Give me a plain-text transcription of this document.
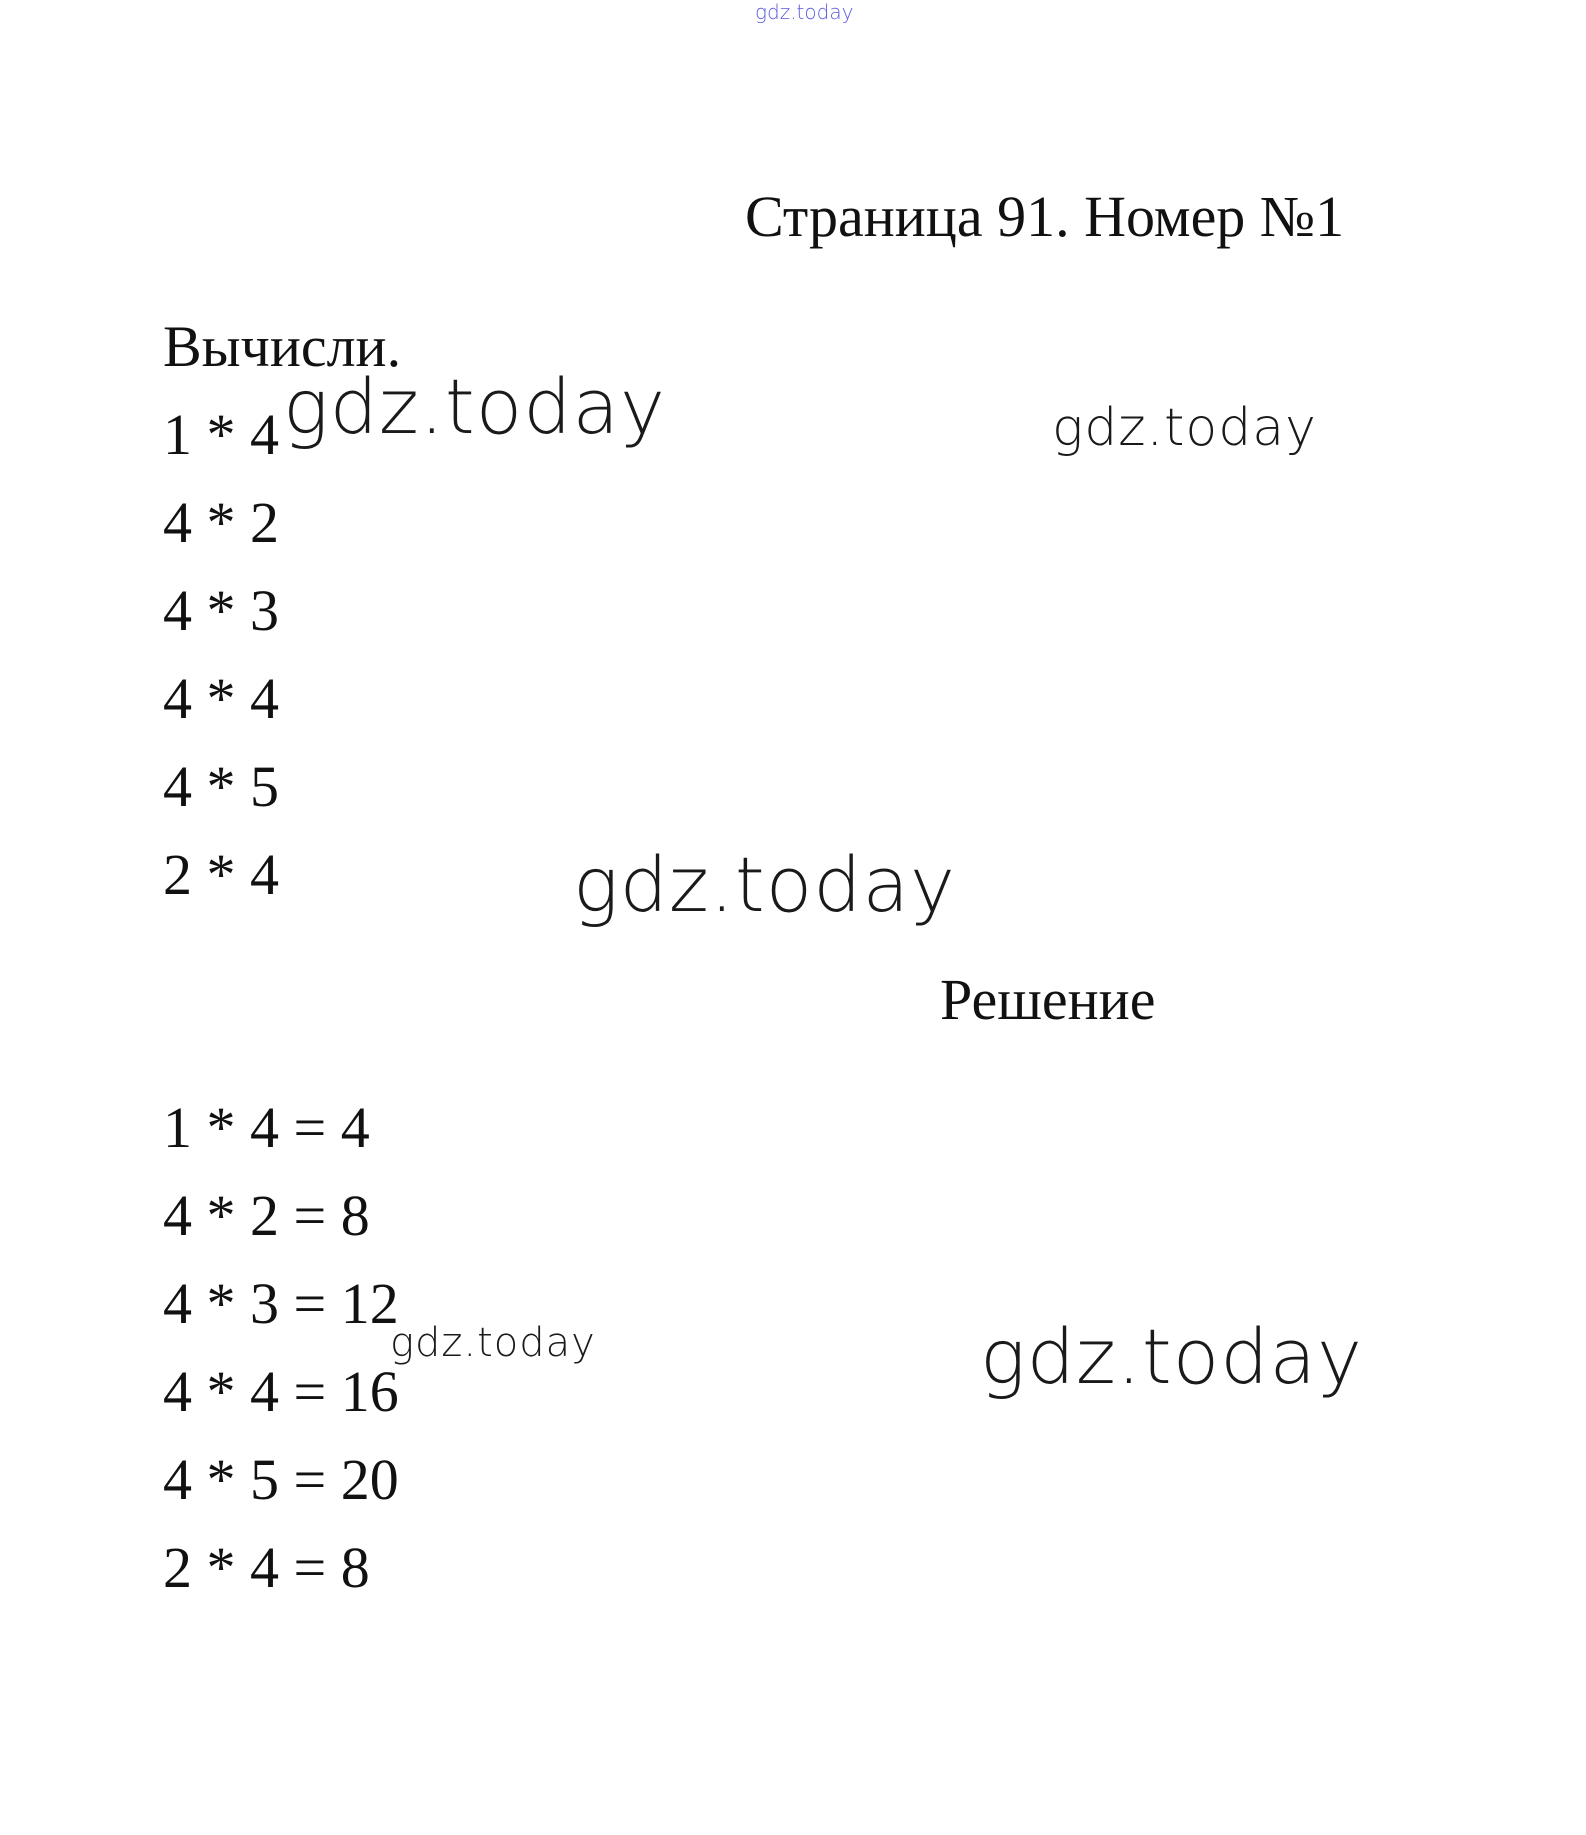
gdz.today
Страница 91. Номер №1
Вычисли.
1 * 4
4 * 2
4 * 3
4 * 4
4 * 5
2 * 4
Решение
1 * 4 = 4
4 * 2 = 8
4 * 3 = 12
4 * 4 = 16
4 * 5 = 20
2 * 4 = 8
gdz.today	gdz.today
gdz.today
gdz.today	gdz.today
